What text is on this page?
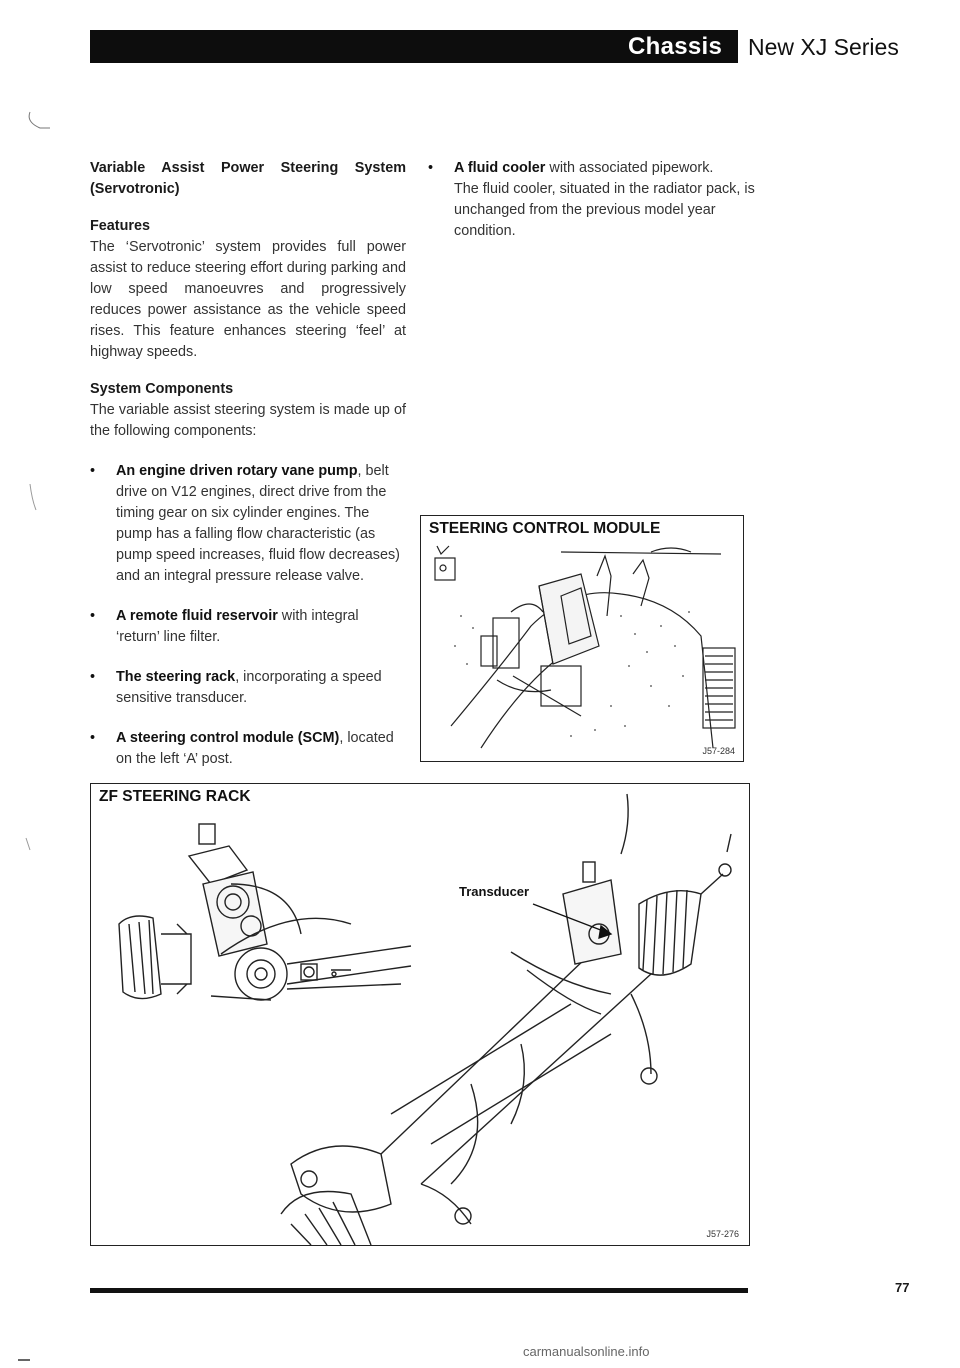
Chassis	New XJ Series
Variable Assist Power Steering System (Servotronic)
Features
The ‘Servotronic’ system provides full power assist to reduce steering effort during parking and low speed manoeuvres and progressively reduces power assistance as the vehicle speed rises. This feature enhances steering ‘feel’ at highway speeds.
System Components
The variable assist steering system is made up of the following components:
• An engine driven rotary vane pump, belt drive on V12 engines, direct drive from the timing gear on six cylinder engines. The pump has a falling flow characteristic (as pump speed increases, fluid flow decreases) and an integral pressure release valve.
• A remote fluid reservoir with integral ‘return’ line filter.
• The steering rack, incorporating a speed sensitive transducer.
• A steering control module (SCM), located on the left ‘A’ post.
• A fluid cooler with associated pipework.
The fluid cooler, situated in the radiator pack, is unchanged from the previous model year condition.
STEERING CONTROL MODULE
J57-284
ZF STEERING RACK
Transducer
J57-276
77
carmanualsonline.info
